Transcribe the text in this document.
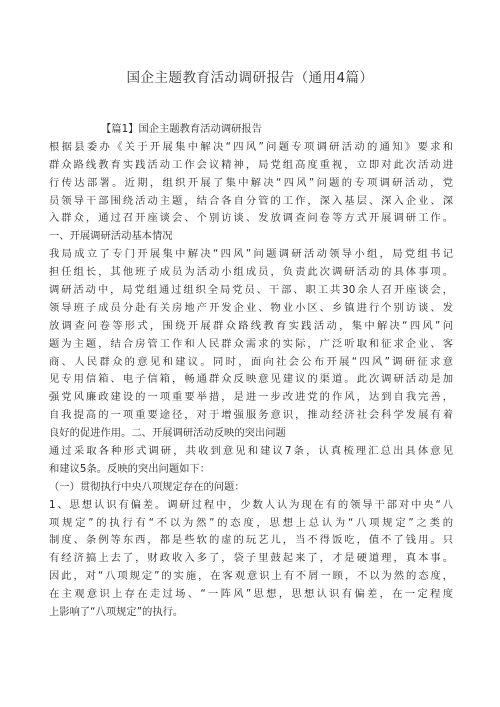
国企主题教育活动调研报告（通用4篇）
【篇1】国企主题教育活动调研报告
根据县委办《关于开展集中解决“四风”问题专项调研活动的通知》要求和
群众路线教育实践活动工作会议精神，局党组高度重视，立即对此次活动进
行传达部署。近期，组织开展了集中解决“四风”问题的专项调研活动，党
员领导干部围绕活动主题，结合各自分管的工作，深入基层、深入企业、深
入群众，通过召开座谈会、个别访谈、发放调查问卷等方式开展调研工作。
一、开展调研活动基本情况
我局成立了专门开展集中解决“四风”问题调研活动领导小组，局党组书记
担任组长，其他班子成员为活动小组成员，负责此次调研活动的具体事项。
调研活动中，局党组通过组织全局党员、干部、职工共30余人召开座谈会，
领导班子成员分赴有关房地产开发企业、物业小区、乡镇进行个别访谈、发
放调查问卷等形式，围绕开展群众路线教育实践活动，集中解决“四风”问
题为主题，结合房管工作和人民群众需求的实际，广泛听取和征求企业、客
商、人民群众的意见和建议。同时，面向社会公布开展“四风”调研征求意
见专用信箱、电子信箱，畅通群众反映意见建议的渠道。此次调研活动是加
强党风廉政建设的一项重要举措，是进一步改进党的作风，达到自我完善，
自我提高的一项重要途径，对于增强服务意识，推动经济社会科学发展有着
良好的促进作用。二、开展调研活动反映的突出问题
通过采取各种形式调研，共收到意见和建议7条，认真梳理汇总出具体意见
和建议5条。反映的突出问题如下：
（一）贯彻执行中央八项规定存在的问题：
1、思想认识有偏差。调研过程中，少数人认为现在有的领导干部对中央“八
项规定”的执行有“不以为然”的态度，思想上总认为“八项规定”之类的
制度、条例等东西，都是些软的虚的玩艺儿，当不得饭吃，值不了钱用。只
有经济搞上去了，财政收入多了，袋子里鼓起来了，才是硬道理，真本事。
因此，对“八项规定”的实施，在客观意识上有不屑一顾，不以为然的态度，
在主观意识上存在走过场、“一阵风”思想，思想认识有偏差，在一定程度
上影响了“八项规定”的执行。
